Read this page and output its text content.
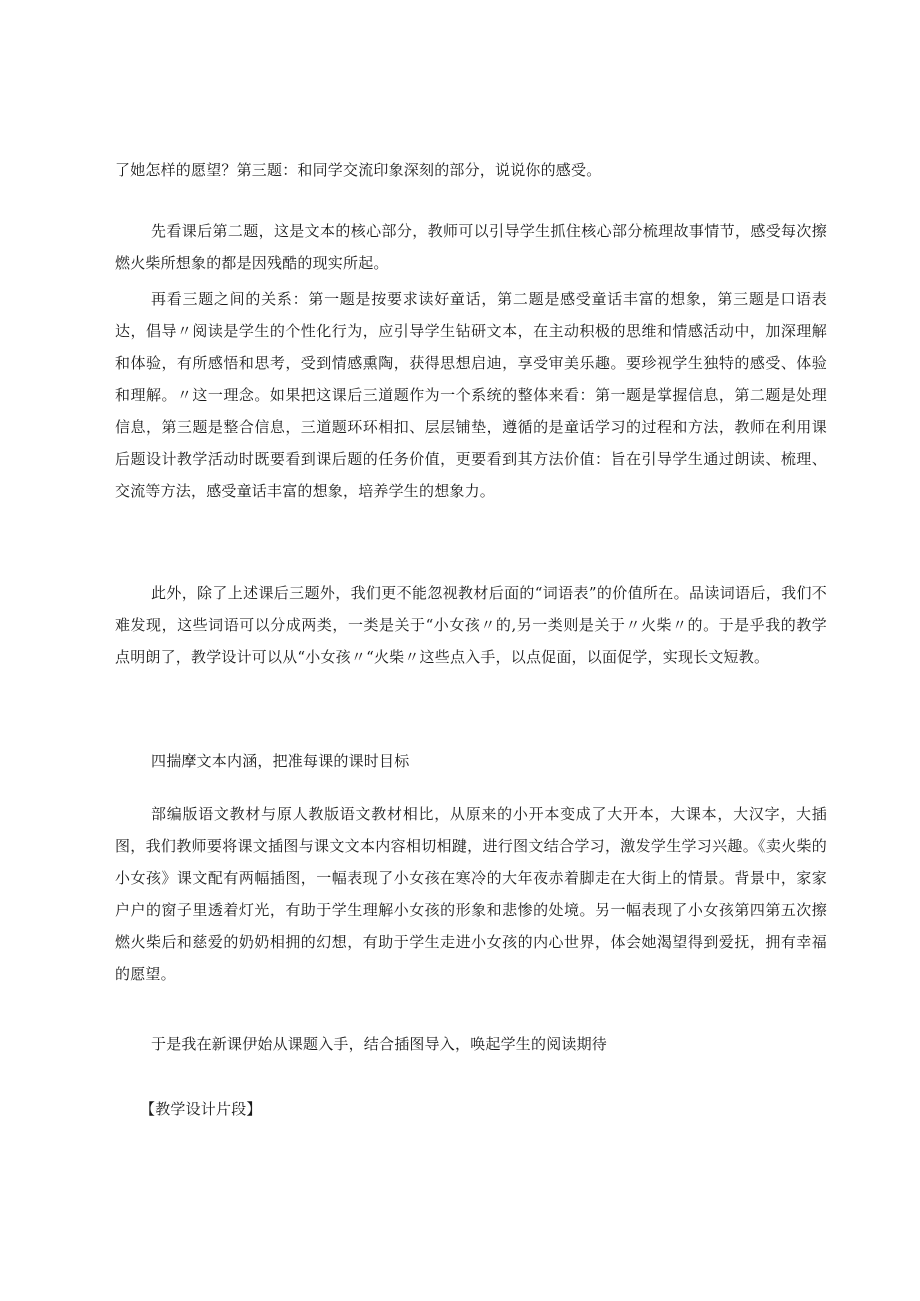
了她怎样的愿望？第三题：和同学交流印象深刻的部分，说说你的感受。

先看课后第二题，这是文本的核心部分，教师可以引导学生抓住核心部分梳理故事情节，感受每次擦燃火柴所想象的都是因残酷的现实所起。

再看三题之间的关系：第一题是按要求读好童话，第二题是感受童话丰富的想象，第三题是口语表达，倡导〃阅读是学生的个性化行为，应引导学生钻研文本，在主动积极的思维和情感活动中，加深理解和体验，有所感悟和思考，受到情感熏陶，获得思想启迪，享受审美乐趣。要珍视学生独特的感受、体验和理解。〃这一理念。如果把这课后三道题作为一个系统的整体来看：第一题是掌握信息，第二题是处理信息，第三题是整合信息，三道题环环相扣、层层铺垫，遵循的是童话学习的过程和方法，教师在利用课后题设计教学活动时既要看到课后题的任务价值，更要看到其方法价值：旨在引导学生通过朗读、梳理、交流等方法，感受童话丰富的想象，培养学生的想象力。

此外，除了上述课后三题外，我们更不能忽视教材后面的“词语表”的价值所在。品读词语后，我们不难发现，这些词语可以分成两类，一类是关于“小女孩〃的,另一类则是关于〃火柴〃的。于是乎我的教学点明朗了，教学设计可以从“小女孩〃“火柴〃这些点入手，以点促面，以面促学，实现长文短教。

四揣摩文本内涵，把准每课的课时目标

部编版语文教材与原人教版语文教材相比，从原来的小开本变成了大开本，大课本，大汉字，大插图，我们教师要将课文插图与课文文本内容相切相踺，进行图文结合学习，激发学生学习兴趣。《卖火柴的小女孩》课文配有两幅插图，一幅表现了小女孩在寒冷的大年夜赤着脚走在大街上的情景。背景中，家家户户的窗子里透着灯光，有助于学生理解小女孩的形象和悲惨的处境。另一幅表现了小女孩第四第五次擦燃火柴后和慈爱的奶奶相拥的幻想，有助于学生走进小女孩的内心世界，体会她渴望得到爱抚，拥有幸福的愿望。

于是我在新课伊始从课题入手，结合插图导入，唤起学生的阅读期待

【教学设计片段】
